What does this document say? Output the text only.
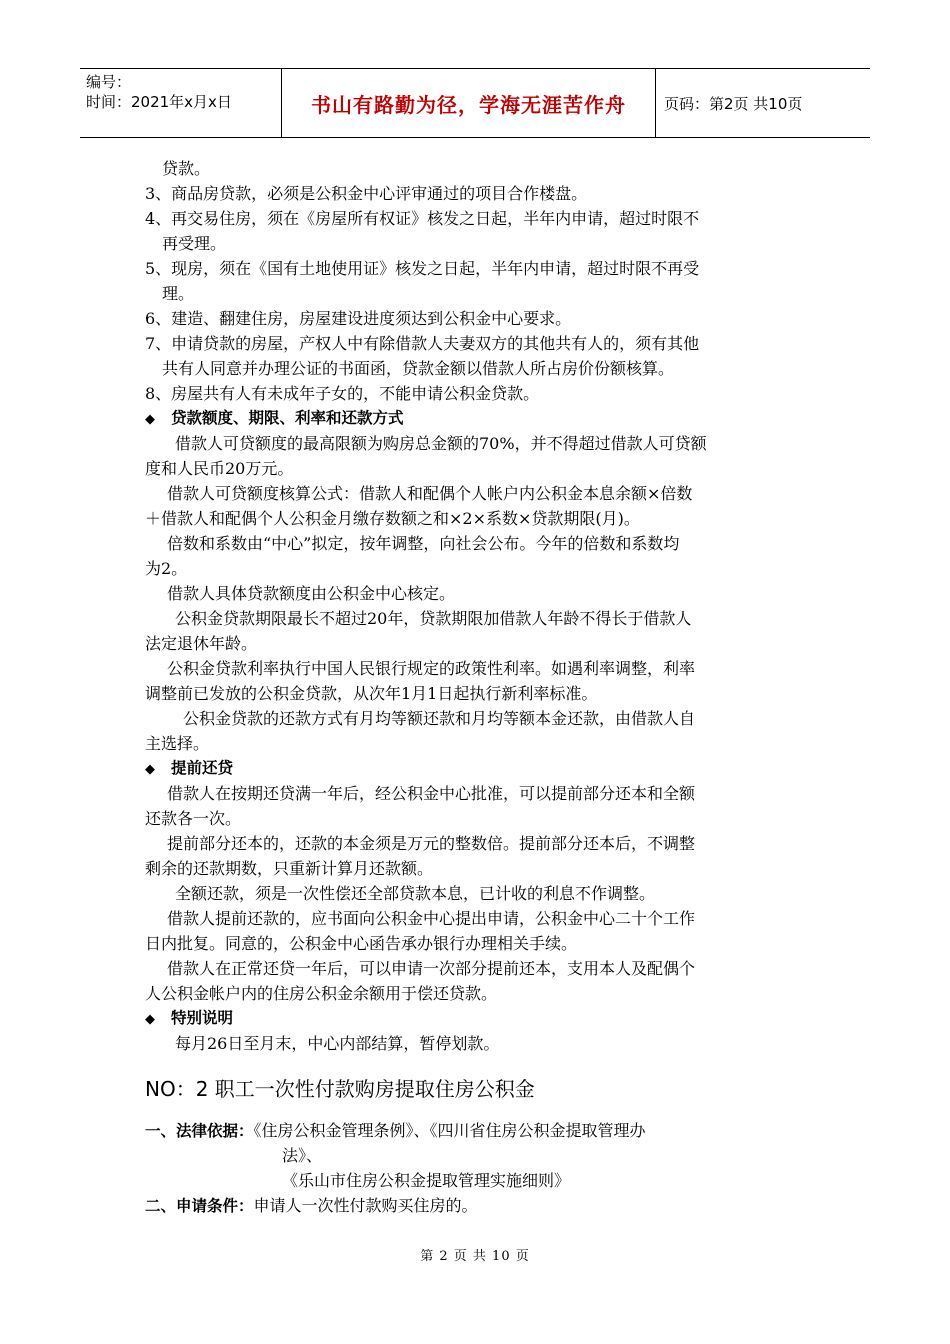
编号：
时间：2021年x月x日	书山有路勤为径，学海无涯苦作舟	页码：第2页 共10页
贷款。
3、商品房贷款，必须是公积金中心评审通过的项目合作楼盘。
4、再交易住房，须在《房屋所有权证》核发之日起，半年内申请，超过时限不
再受理。
5、现房，须在《国有土地使用证》核发之日起，半年内申请，超过时限不再受
理。
6、建造、翻建住房，房屋建设进度须达到公积金中心要求。
7、申请贷款的房屋，产权人中有除借款人夫妻双方的其他共有人的，须有其他
共有人同意并办理公证的书面函，贷款金额以借款人所占房价份额核算。
8、房屋共有人有未成年子女的，不能申请公积金贷款。
◆ 贷款额度、期限、利率和还款方式
借款人可贷额度的最高限额为购房总金额的70%，并不得超过借款人可贷额
度和人民币20万元。
借款人可贷额度核算公式：借款人和配偶个人帐户内公积金本息余额×倍数
＋借款人和配偶个人公积金月缴存数额之和×2×系数×贷款期限(月)。
倍数和系数由“中心”拟定，按年调整，向社会公布。今年的倍数和系数均
为2。
借款人具体贷款额度由公积金中心核定。
公积金贷款期限最长不超过20年，贷款期限加借款人年龄不得长于借款人
法定退休年龄。
公积金贷款利率执行中国人民银行规定的政策性利率。如遇利率调整，利率
调整前已发放的公积金贷款，从次年1月1日起执行新利率标准。
公积金贷款的还款方式有月均等额还款和月均等额本金还款，由借款人自
主选择。
◆ 提前还贷
借款人在按期还贷满一年后，经公积金中心批准，可以提前部分还本和全额
还款各一次。
提前部分还本的，还款的本金须是万元的整数倍。提前部分还本后，不调整
剩余的还款期数，只重新计算月还款额。
全额还款，须是一次性偿还全部贷款本息，已计收的利息不作调整。
借款人提前还款的，应书面向公积金中心提出申请，公积金中心二十个工作
日内批复。同意的，公积金中心函告承办银行办理相关手续。
借款人在正常还贷一年后，可以申请一次部分提前还本，支用本人及配偶个
人公积金帐户内的住房公积金余额用于偿还贷款。
◆ 特别说明
每月26日至月末，中心内部结算，暂停划款。
NO：2 职工一次性付款购房提取住房公积金
一、法律依据：《住房公积金管理条例》、《四川省住房公积金提取管理办
法》、
《乐山市住房公积金提取管理实施细则》
二、申请条件：申请人一次性付款购买住房的。
第 2 页 共 10 页
